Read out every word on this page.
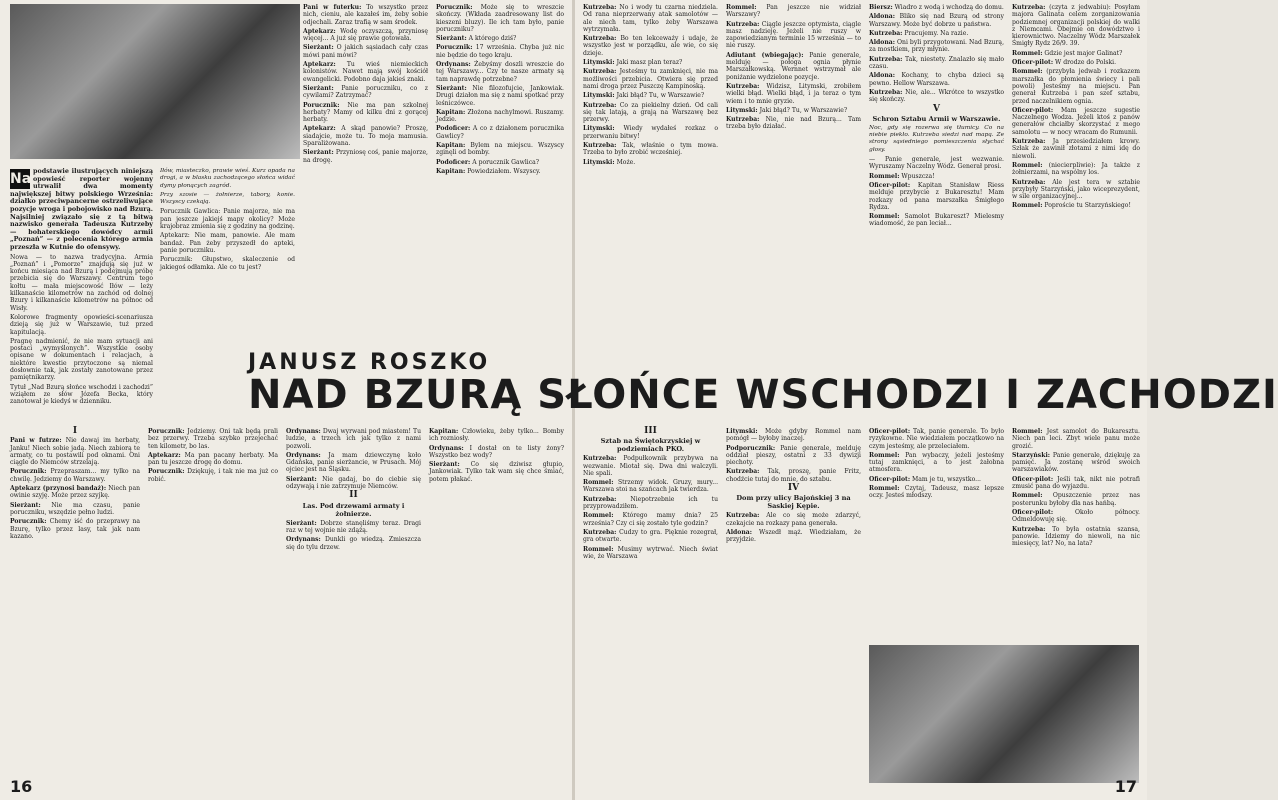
Na podstawie ilustrujących niniejszą opowieść reporter wojenny utrwalił dwa momenty największej bitwy polskiego Września: działko przeciwpancerne ostrzeliwujące pozycje wroga i pobojowisko nad Bzurą. Najsilniej związało się z tą bitwą nazwisko generała Tadeusza Kutrzeby — bohaterskiego dowódcy armii „Poznań” — z polecenia którego armia przeszła w Kutnie do ofensywy.

Nowa — to nazwa tradycyjna. Armia „Poznań” i „Pomorze” znajdują się już w końcu miesiąca nad Bzurą i podejmują próbę przebicia się do Warszawy. Centrum tego kołtu — mała miejscowość Iłów — leży kilkanaście kilometrów na zachód od dolnej Bzury i kilkanaście kilometrów na północ od Wisły.

Kolorowe fragmenty opowieści-scenariusza dzieją się już w Warszawie, tuż przed kapitulacją.

Pragnę nadmienić, że nie mam sytuacji ani postaci „wymyślonych”. Wszystkie osoby opisane w dokumentach i relacjach, a niektóre kwestie przytoczone są niemal dosłownie tak, jak zostały zanotowane przez pamiętnikarzy.

Tytuł „Nad Bzurą słońce wschodzi i zachodzi” wziąłem ze słów Józefa Becka, który zanotował je kiedyś w dzienniku.

Iłów, miasteczko, prawie wieś. Kurz opada na drogi, a w blasku zachodzącego słońca widać dymy płonących zagród.

Przy szosie — żołnierze, tabory, konie. Wszyscy czekają.

Porucznik Gawlica: Panie majorze, nie ma pan jeszcze jakiejś mapy okolicy? Może krajobraz zmienia się z godziny na godzinę.

Aptekarz: Nie mam, panowie. Ale mam bandaż. Pan żeby przyszedł do apteki, panie poruczniku.

Porucznik: Głupstwo, skaleczenie od jakiegoś odłamka. Ale co tu jest?

Pani w futerku: To wszystko przez nich, cieniu, ale kazałeś im, żeby sobie odjechali. Zaraz trafią w sam środek.

Aptekarz: Wodę oczyszczą, przyniosę więcej... A już się prawie gotowała.

Sierżant: O jakich sąsiadach cały czas mówi pani mówi?

Aptekarz: Tu wieś niemieckich kolonistów. Nawet mają swój kościół ewangelicki. Podobno daja jakieś znaki.

Sierżant: Panie poruczniku, co z cywilami? Zatrzymać?

Porucznik: Nie ma pan szkolnej herbaty? Mamy od kilku dni z gorącej herbaty.

Aptekarz: A skąd panowie? Proszę, siadajcie, może tu. To moja mamusia. Sparaliżowana.

Sierżant: Przyniosę coś, panie majorze, na drogę.

Porucznik: Może się to wreszcie skończy. (Wkłada zaadresowany list do kieszeni bluzy). Ile ich tam było, panie poruczniku?

Sierżant: A którego dziś?

Porucznik: 17 września. Chyba już nic nie będzie do tego kraju.

Ordynans: Żebyśmy doszli wreszcie do tej Warszawy... Czy te nasze armaty są tam naprawdę potrzebne?

Sierżant: Nie filozofujcie, Jankowiak. Drugi działon ma się z nami spotkać przy leśniczówce.

Kapitan: Złożona nachylmowi. Ruszamy. Jedzie.

Podoficer: A co z działonem porucznika Gawlicy?

Kapitan: Bylem na miejscu. Wszyscy zginęli od bomby.

Podoficer: A porucznik Gawlica?

Kapitan: Powiedziałem. Wszyscy.

I

Pani w futrze: Nie dawaj im herbaty, Janku! Niech sobie jadą. Niech zabiorą te armaty, co tu postawili pod oknami. Oni ciągle do Niemców strzelają.

Porucznik: Przepraszam... my tylko na chwilę. Jedziemy do Warszawy.

Aptekarz (przynosi bandaż): Niech pan owinie szyję. Może przez szyjkę.

Sierżant: Nie ma czasu, panie poruczniku, wszędzie pełno ludzi.

Porucznik: Chemy iść do przeprawy na Bzurę, tylko przez lasy, tak jak nam kazano.

Porucznik: Jedziemy. Oni tak będą prali bez przerwy. Trzeba szybko przejechać ten kilometr, bo las.

Aptekarz: Ma pan pacany herbaty. Ma pan tu jeszcze drogę do domu.

Porucznik: Dziękuję, i tak nie ma już co robić.

Ordynans: Dwaj wyrwani pod miastem! Tu ludzie, a trzech ich jak tylko z nami pozwoli.

Ordynans: Ja mam dziewczynę koło Gdańska, panie sierżancie, w Prusach. Mój ojciec jest na Śląsku.

Sierżant: Nie gadaj, bo do ciebie się odzywają i nie zatrzymuje Niemców.

II

Las. Pod drzewami armaty i żołnierze.

Sierżant: Dobrze stanęliśmy teraz. Dragi raz w tej wojnie nie zdążą.

Ordynans: Dunkli go wiedzą. Zmieszcza się do tylu drzew.

Kapitan: Człowieku, żeby tylko... Bomby ich rozniosły.

Ordynans: I dostał on te listy żony? Wszystko bez wody?

Sierżant: Co się dziwisz głupio, Jankowiak. Tylko tak wam się chce śmiać, potem płakać.

16

Kutrzeba: No i wody tu czarna niedziela. Od rana nieprzerwany atak samolotów — ale niech tam, tylko żeby Warszawa wytrzymała.

Kutrzeba: Bo ten lekceważy i udaje, że wszystko jest w porządku, ale wie, co się dzieje.

Litymski: Jaki masz plan teraz?

Kutrzeba: Jesteśmy tu zamknięci, nie ma możliwości przebicia. Otwiera się przed nami droga przez Puszczę Kampinoską.

Litymski: Jaki błąd? Tu, w Warszawie?

Kutrzeba: Co za piekielny dzień. Od cali się tak latają, a grają na Warszawę bez przerwy.

Litymski: Wiedy wydałeś rozkaz o przerwaniu bitwy!

Kutrzeba: Tak, właśnie o tym mowa. Trzeba to było zrobić wcześniej.

Litymski: Może.

Rommel: Pan jeszcze nie widział Warszawy?

Kutrzeba: Ciągle jeszcze optymista, ciągle masz nadzieję. Jeżeli nie ruszy w zapowiedzianym terminie 15 września — to nie ruszy.

Adiutant (wbiegając): Panie generale, melduję — połoga ognia płynie Marszałkowską. Wernnet wstrzymał ale poniżanie wydzielone pozycje.

Kutrzeba: Widzisz, Litymski, zrobiłem wielki błąd. Wielki błąd, i ja teraz o tym wiem i to mnie gryzie.

Litymski: Jaki błąd? Tu, w Warszawie?

Kutrzeba: Nie, nie nad Bzurą... Tam trzeba było działać.

Biersz: Wiadro z wodą i wchodzą do domu.

Aldona: Bliko się nad Bzurą od strony Warszawy. Może być dobrze u państwa.

Kutrzeba: Pracujemy. Na razie.

Aldona: Oni byli przygotowani. Nad Bzurą, za mostkiem, przy młynie.

Kutrzeba: Tak, niestety. Znalazło się mało czasu.

Aldona: Kochany, to chyba dzieci są pewno. Hellow Warszawa.

Kutrzeba: Nie, ale... Wkrótce to wszystko się skończy.

V

Schron Sztabu Armii w Warszawie.

Noc, gdy się rozerwa się tłumicy. Co na niebie piekło. Kutrzeba siedzi nad mapą. Ze strony sąsiedniego pomieszczenia słychać głosy.

— Panie generale, jest wezwanie. Wyruszamy Naczelny Wódz. Generał prosi.

Rommel: Wpuszcza!

Oficer-pilot: Kapitan Stanisław Riess melduje przybycie z Bukaresztu! Mam rozkazy od pana marszałka Śmigłego Rydza.

Rommel: Samolot Bukareszt? Mielesmy wiadomość, że pan leciał...

Kutrzeba: (czyta z jedwabiu): Posyłam majora Galinata celem zorganizowania podziemnej organizacji polskiej do walki z Niemcami. Obejmie on dowództwo i kierownictwo. Naczelny Wódz Marszałek Śmigły Rydz 26/9. 39.

Rommel: Gdzie jest major Galinat?

Oficer-pilot: W drodze do Polski.

Rommel: (przybyła jedwab i rozkazem marszałka do płomienia świecy i pali powoli) Jesteśmy na miejscu. Pan generał Kutrzeba i pan szef sztabu, przed naczelnikiem ognia.

Oficer-pilot: Mam jeszcze sugestie Naczelnego Wodza. Jeżeli ktoś z panów generałów chciałby skorzystać z mego samolotu — w nocy wracam do Rumunii.

Kutrzeba: Ja przesiedziałem krowy. Szłak że zawinił złotami z nimi idę do niewoli.

Rommel: (niecierpliwie): Ja także z żołnierzami, na wspólny los.

Kutrzeba: Ale jest tera w sztabie przybyły Starzyński, jako wiceprezydent, w sile organizacyjnej...

Rommel: Poproście tu Starzyńskiego!

III

Sztab na Świętokrzyskiej w podziemiach PKO.

Kutrzeba: Podpułkownik przybywa na wezwanie. Miotał się. Dwa dni walczyli. Nie spali.

Rommel: Strzemy widok. Gruzy, mury... Warszawa stoi na szańcach jak twierdza.

Kutrzeba: Niepotrzebnie ich tu przyprowadziłem.

Rommel: Którego mamy dnia? 25 września? Czy ci się zostało tyle godzin?

Kutrzeba: Cudzy to gra. Pięknie rozegrał, gra otwarte.

Rommel: Musimy wytrwać. Niech świat wie, że Warszawa

Litymski: Może gdyby Rommel nam pomógł — byłoby inaczej.

Podporucznik: Panie generale, melduję oddział pieszy, ostatni z 33 dywizji piechoty.

Kutrzeba: Tak, proszę, panie Fritz, chodźcie tutaj do mnie, do sztabu.

IV

Dom przy ulicy Bajońskiej 3 na Saskiej Kępie.

Kutrzeba: Ale co się może zdarzyć, czekajcie na rozkazy pana generała.

Aldona: Wszedł mąż. Wiedziałam, że przyjdzie.

Oficer-pilot: Tak, panie generale. To było ryzykowne. Nie wiedziałem początkowo na czym jesteśmy, ale przeleciałem.

Rommel: Pan wybaczy, jeżeli jesteśmy tutaj zamknięci, a to jest żałobna atmosfera.

Oficer-pilot: Mam je tu, wszystko...

Rommel: Czytaj, Tadeusz, masz lepsze oczy. Jesteś młodszy.

Rommel: Jest samolot do Bukaresztu. Niech pan leci. Zbyt wiele panu może grozić.

Starzyński: Panie generale, dziękuję za pamięć. Ja zostanę wśród swoich warszawiaków.

Oficer-pilot: Jeśli tak, nikt nie potrafi zmusić pana do wyjazdu.

Rommel: Opuszczenie przez nas posterunku byłoby dla nas hańbą.

Oficer-pilot:	Około północy. Odmeldowuję się.

Kutrzeba: To była ostatnia szansa, panowie. Idziemy do niewoli, na nic miesięcy, lat? No, na lata?

17
JANUSZ ROSZKO
NAD BZURĄ SŁOŃCE WSCHODZI I ZACHODZI
